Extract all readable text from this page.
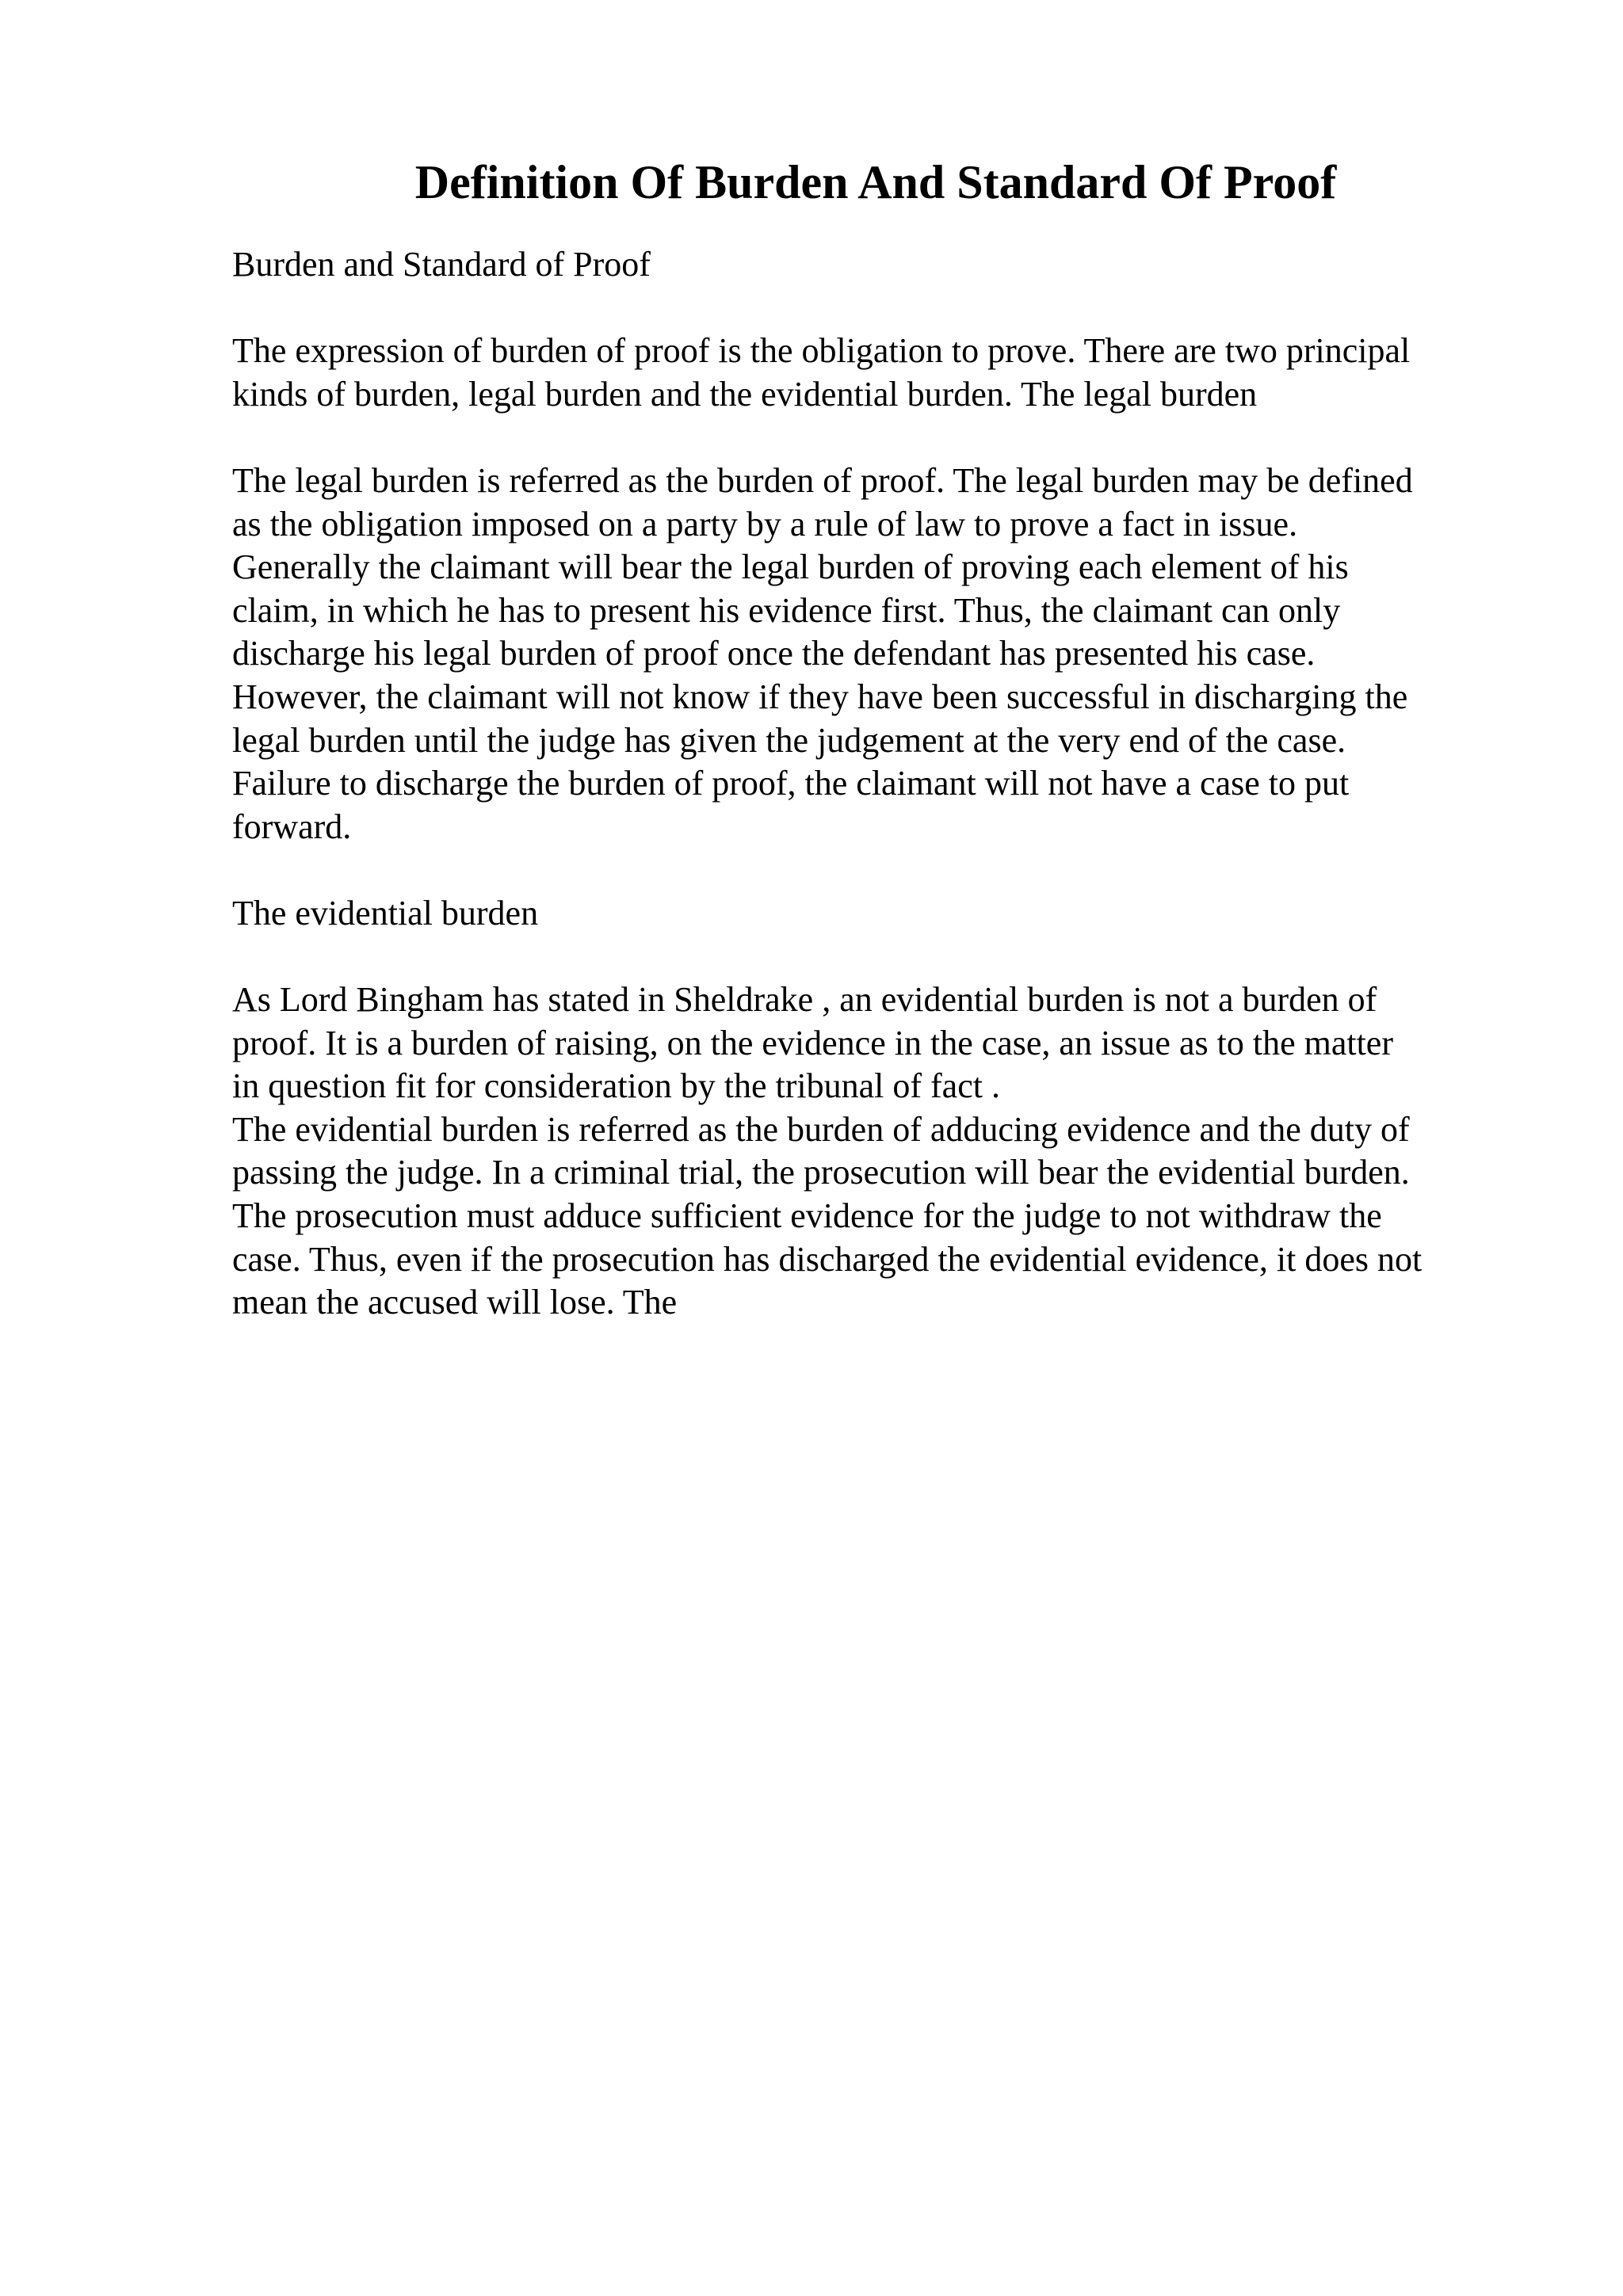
Definition Of Burden And Standard Of Proof

Burden and Standard of Proof

The expression of burden of proof is the obligation to prove. There are two principal

kinds of burden, legal burden and the evidential burden. The legal burden

The legal burden is referred as the burden of proof. The legal burden may be defined

as the obligation imposed on a party by a rule of law to prove a fact in issue.

Generally the claimant will bear the legal burden of proving each element of his

claim, in which he has to present his evidence first. Thus, the claimant can only

discharge his legal burden of proof once the defendant has presented his case.

However, the claimant will not know if they have been successful in discharging the

legal burden until the judge has given the judgement at the very end of the case.

Failure to discharge the burden of proof, the claimant will not have a case to put

forward.

The evidential burden

As Lord Bingham has stated in Sheldrake , an evidential burden is not a burden of

proof. It is a burden of raising, on the evidence in the case, an issue as to the matter

in question fit for consideration by the tribunal of fact .

The evidential burden is referred as the burden of adducing evidence and the duty of

passing the judge. In a criminal trial, the prosecution will bear the evidential burden.

The prosecution must adduce sufficient evidence for the judge to not withdraw the

case. Thus, even if the prosecution has discharged the evidential evidence, it does not

mean the accused will lose. The
